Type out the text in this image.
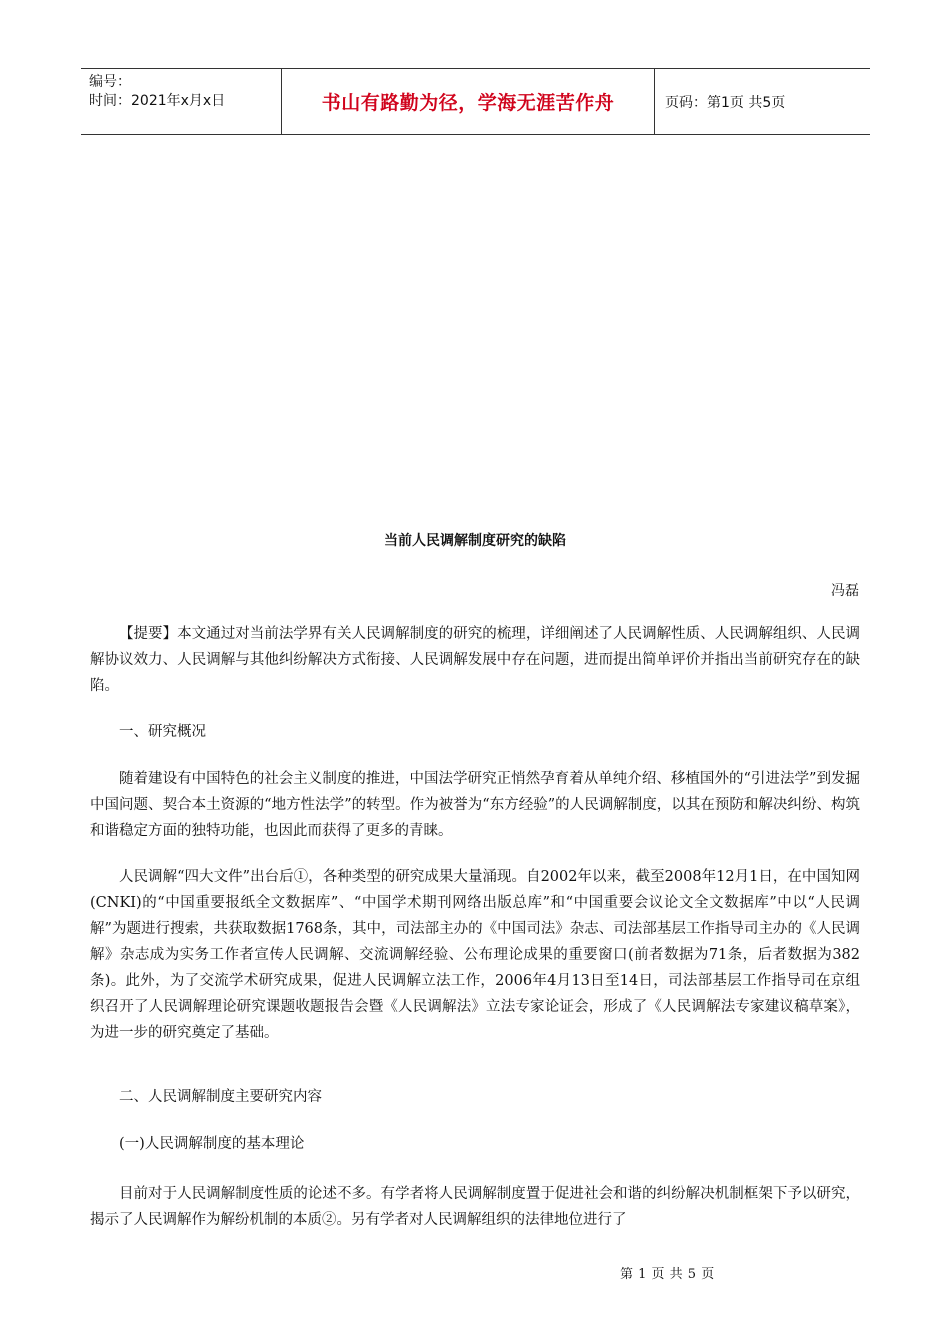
编号：
时间：2021年x月x日	书山有路勤为径，学海无涯苦作舟	页码：第1页 共5页
当前人民调解制度研究的缺陷
冯磊

【提要】本文通过对当前法学界有关人民调解制度的研究的梳理，详细阐述了人民调解性质、人民调解组织、人民调解协议效力、人民调解与其他纠纷解决方式衔接、人民调解发展中存在问题，进而提出简单评价并指出当前研究存在的缺陷。

一、研究概况

随着建设有中国特色的社会主义制度的推进，中国法学研究正悄然孕育着从单纯介绍、移植国外的“引进法学”到发掘中国问题、契合本土资源的“地方性法学”的转型。作为被誉为“东方经验”的人民调解制度，以其在预防和解决纠纷、构筑和谐稳定方面的独特功能，也因此而获得了更多的青睐。

人民调解“四大文件”出台后①，各种类型的研究成果大量涌现。自2002年以来，截至2008年12月1日，在中国知网(CNKI)的“中国重要报纸全文数据库”、“中国学术期刊网络出版总库”和“中国重要会议论文全文数据库”中以“人民调解”为题进行搜索，共获取数据1768条，其中，司法部主办的《中国司法》杂志、司法部基层工作指导司主办的《人民调解》杂志成为实务工作者宣传人民调解、交流调解经验、公布理论成果的重要窗口(前者数据为71条，后者数据为382条)。此外，为了交流学术研究成果，促进人民调解立法工作，2006年4月13日至14日，司法部基层工作指导司在京组织召开了人民调解理论研究课题收题报告会暨《人民调解法》立法专家论证会，形成了《人民调解法专家建议稿草案》，为进一步的研究奠定了基础。

二、人民调解制度主要研究内容

(一)人民调解制度的基本理论

目前对于人民调解制度性质的论述不多。有学者将人民调解制度置于促进社会和谐的纠纷解决机制框架下予以研究，揭示了人民调解作为解纷机制的本质②。另有学者对人民调解组织的法律地位进行了

第 1 页 共 5 页
